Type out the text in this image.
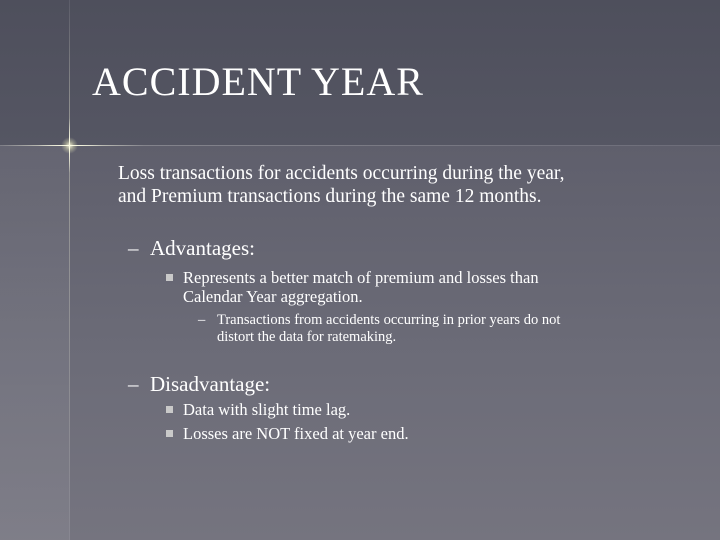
ACCIDENT YEAR

Loss transactions for accidents occurring during the year,
and Premium transactions during the same 12 months.

– Advantages:
Represents a better match of premium and losses than
Calendar Year aggregation.
– Transactions from accidents occurring in prior years do not
distort the data for ratemaking.
– Disadvantage:
Data with slight time lag.
Losses are NOT fixed at year end.
